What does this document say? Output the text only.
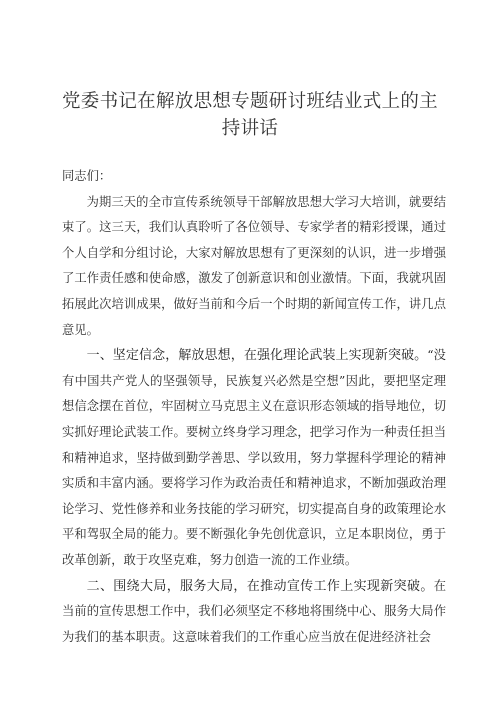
党委书记在解放思想专题研讨班结业式上的主持讲话

同志们：

为期三天的全市宣传系统领导干部解放思想大学习大培训，就要结束了。这三天，我们认真聆听了各位领导、专家学者的精彩授课，通过个人自学和分组讨论，大家对解放思想有了更深刻的认识，进一步增强了工作责任感和使命感，激发了创新意识和创业激情。下面，我就巩固拓展此次培训成果，做好当前和今后一个时期的新闻宣传工作，讲几点意见。

一、坚定信念，解放思想，在强化理论武装上实现新突破。“没有中国共产党人的坚强领导，民族复兴必然是空想”因此，要把坚定理想信念摆在首位，牢固树立马克思主义在意识形态领域的指导地位，切实抓好理论武装工作。要树立终身学习理念，把学习作为一种责任担当和精神追求，坚持做到勤学善思、学以致用，努力掌握科学理论的精神实质和丰富内涵。要将学习作为政治责任和精神追求，不断加强政治理论学习、党性修养和业务技能的学习研究，切实提高自身的政策理论水平和驾驭全局的能力。要不断强化争先创优意识，立足本职岗位，勇于改革创新，敢于攻坚克难，努力创造一流的工作业绩。

二、围绕大局，服务大局，在推动宣传工作上实现新突破。在当前的宣传思想工作中，我们必须坚定不移地将围绕中心、服务大局作为我们的基本职责。这意味着我们的工作重心应当放在促进经济社会
